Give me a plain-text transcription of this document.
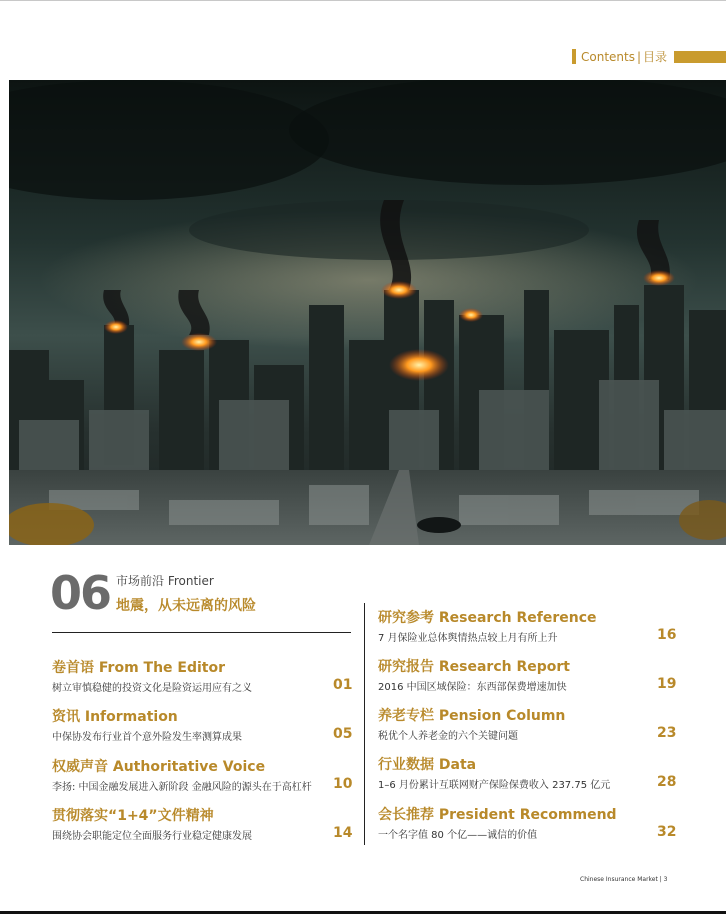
Contents | 目录
06 市场前沿 Frontier
地震，从未远离的风险
卷首语 From The Editor
树立审慎稳健的投资文化是险资运用应有之义	01
资讯 Information
中保协发布行业首个意外险发生率测算成果	05
权威声音 Authoritative Voice
李扬: 中国金融发展进入新阶段 金融风险的源头在于高杠杆 10
贯彻落实“1+4”文件精神
围绕协会职能定位全面服务行业稳定健康发展	14
研究参考 Research Reference
7 月保险业总体舆情热点较上月有所上升	16
研究报告 Research Report
2016 中国区域保险：东西部保费增速加快	19
养老专栏 Pension Column
税优个人养老金的六个关键问题	23
行业数据 Data
1–6 月份累计互联网财产保险保费收入 237.75 亿元	28
会长推荐 President Recommend
一个名字值 80 个亿——诚信的价值	32
Chinese Insurance Market | 3
